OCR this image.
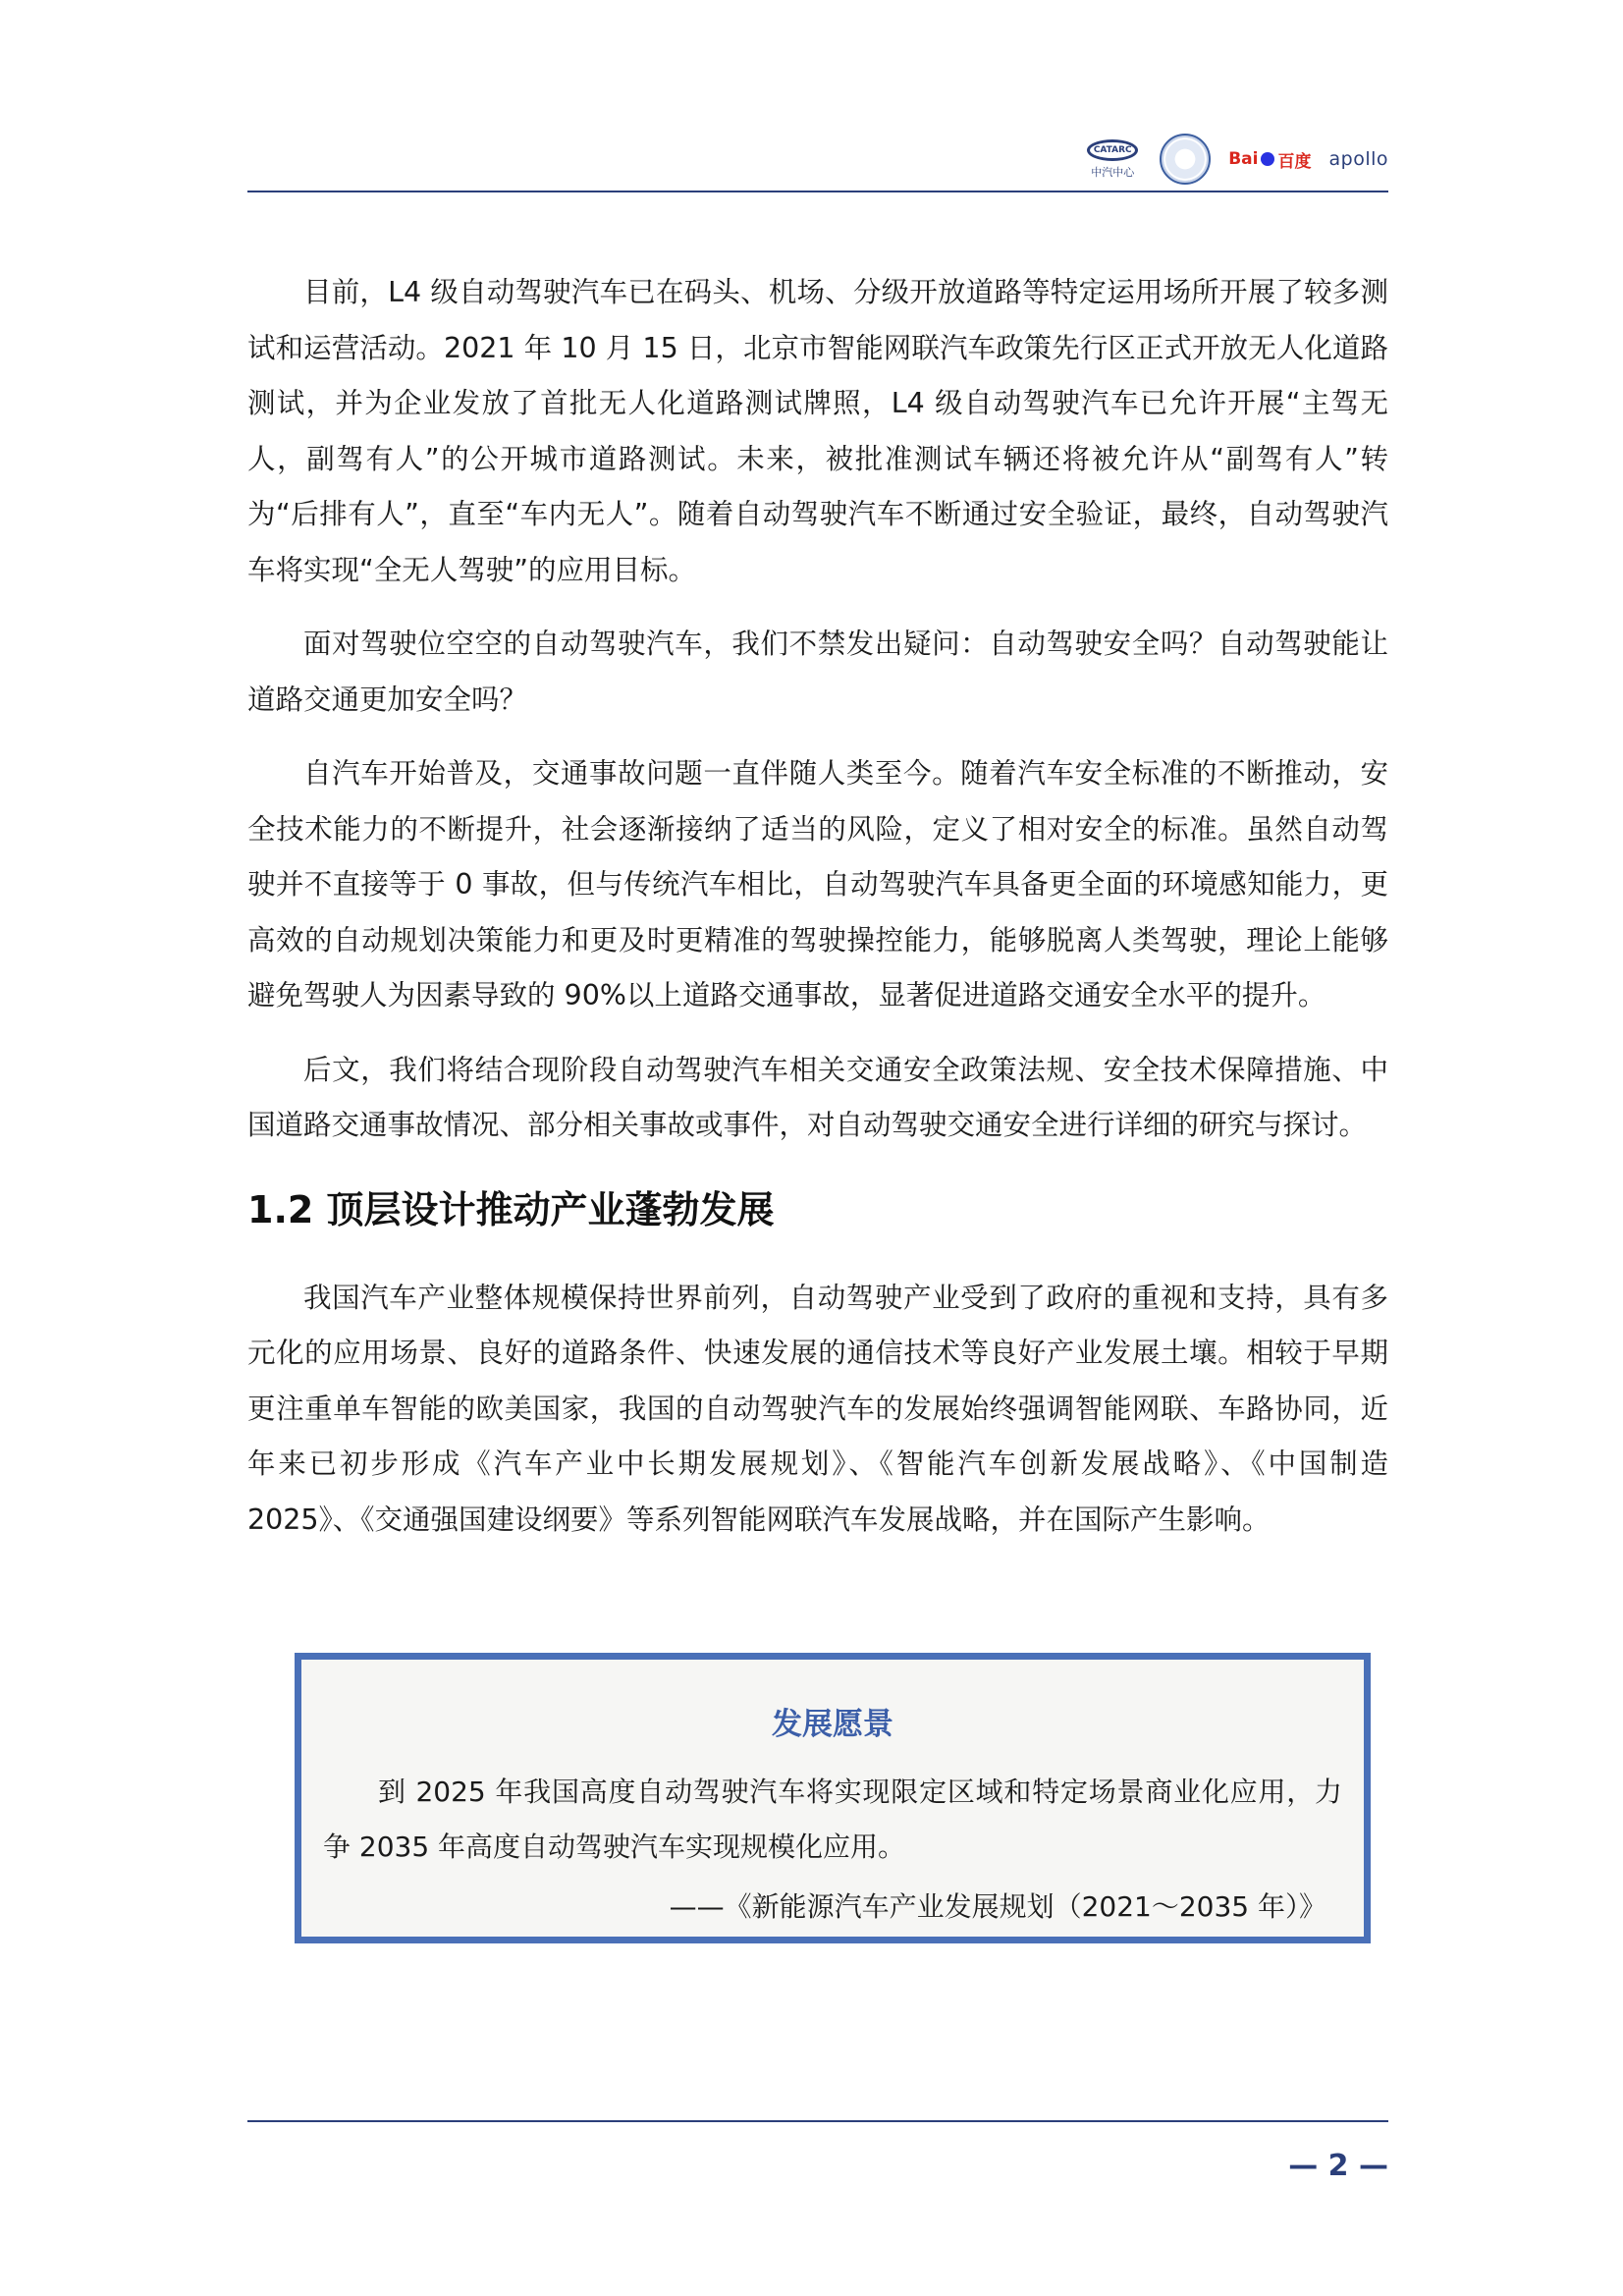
CATARC
中汽中心
Bai 百度 apollo

目前，L4 级自动驾驶汽车已在码头、机场、分级开放道路等特定运用场所开展了较多测试和运营活动。2021 年 10 月 15 日，北京市智能网联汽车政策先行区正式开放无人化道路测试，并为企业发放了首批无人化道路测试牌照，L4 级自动驾驶汽车已允许开展“主驾无人，副驾有人”的公开城市道路测试。未来，被批准测试车辆还将被允许从“副驾有人”转为“后排有人”，直至“车内无人”。随着自动驾驶汽车不断通过安全验证，最终，自动驾驶汽车将实现“全无人驾驶”的应用目标。

面对驾驶位空空的自动驾驶汽车，我们不禁发出疑问：自动驾驶安全吗？自动驾驶能让道路交通更加安全吗？

自汽车开始普及，交通事故问题一直伴随人类至今。随着汽车安全标准的不断推动，安全技术能力的不断提升，社会逐渐接纳了适当的风险，定义了相对安全的标准。虽然自动驾驶并不直接等于 0 事故，但与传统汽车相比，自动驾驶汽车具备更全面的环境感知能力，更高效的自动规划决策能力和更及时更精准的驾驶操控能力，能够脱离人类驾驶，理论上能够避免驾驶人为因素导致的 90%以上道路交通事故，显著促进道路交通安全水平的提升。

后文，我们将结合现阶段自动驾驶汽车相关交通安全政策法规、安全技术保障措施、中国道路交通事故情况、部分相关事故或事件，对自动驾驶交通安全进行详细的研究与探讨。

1.2 顶层设计推动产业蓬勃发展

我国汽车产业整体规模保持世界前列，自动驾驶产业受到了政府的重视和支持，具有多元化的应用场景、良好的道路条件、快速发展的通信技术等良好产业发展土壤。相较于早期更注重单车智能的欧美国家，我国的自动驾驶汽车的发展始终强调智能网联、车路协同，近年来已初步形成《汽车产业中长期发展规划》、《智能汽车创新发展战略》、《中国制造 2025》、《交通强国建设纲要》等系列智能网联汽车发展战略，并在国际产生影响。

发展愿景

到 2025 年我国高度自动驾驶汽车将实现限定区域和特定场景商业化应用，力争 2035 年高度自动驾驶汽车实现规模化应用。

——《新能源汽车产业发展规划（2021～2035 年）》
— 2 —
